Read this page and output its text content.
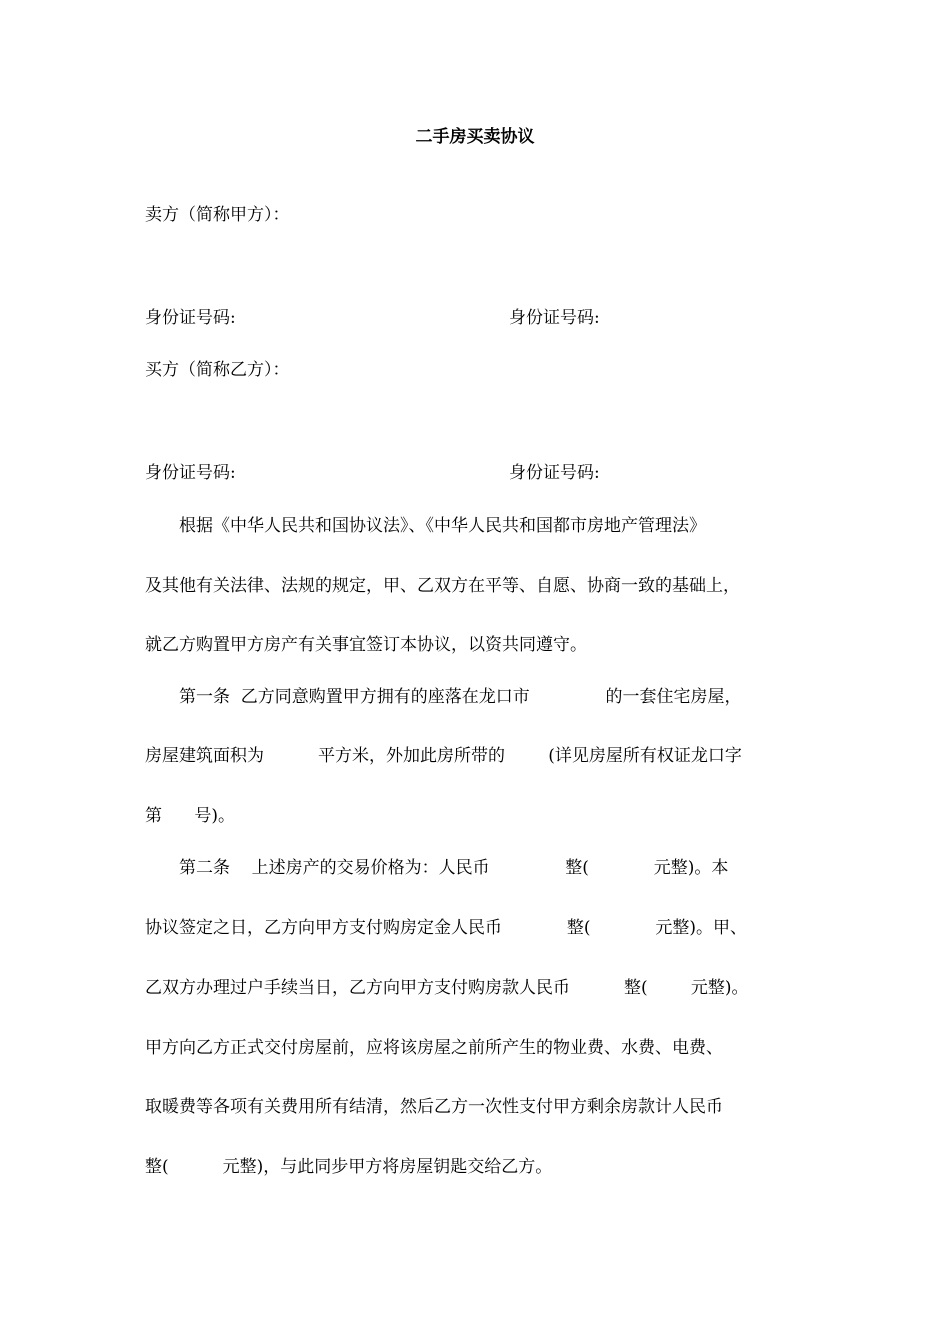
二手房买卖协议
卖方（简称甲方）：
身份证号码:	身份证号码:
买方（简称乙方）：
身份证号码:	身份证号码:
　　根据《中华人民共和国协议法》、《中华人民共和国都市房地产管理法》
及其他有关法律、法规的规定，甲、乙双方在平等、自愿、协商一致的基础上，
就乙方购置甲方房产有关事宜签订本协议，以资共同遵守。
　　第一条  乙方同意购置甲方拥有的座落在龙口市              的一套住宅房屋，
房屋建筑面积为          平方米，外加此房所带的        (详见房屋所有权证龙口字
第      号)。
　　第二条    上述房产的交易价格为：人民币              整(            元整)。本
协议签定之日，乙方向甲方支付购房定金人民币            整(            元整)。甲、
乙双方办理过户手续当日，乙方向甲方支付购房款人民币          整(        元整)。
甲方向乙方正式交付房屋前，应将该房屋之前所产生的物业费、水费、电费、
取暖费等各项有关费用所有结清，然后乙方一次性支付甲方剩余房款计人民币
整(          元整)，与此同步甲方将房屋钥匙交给乙方。
